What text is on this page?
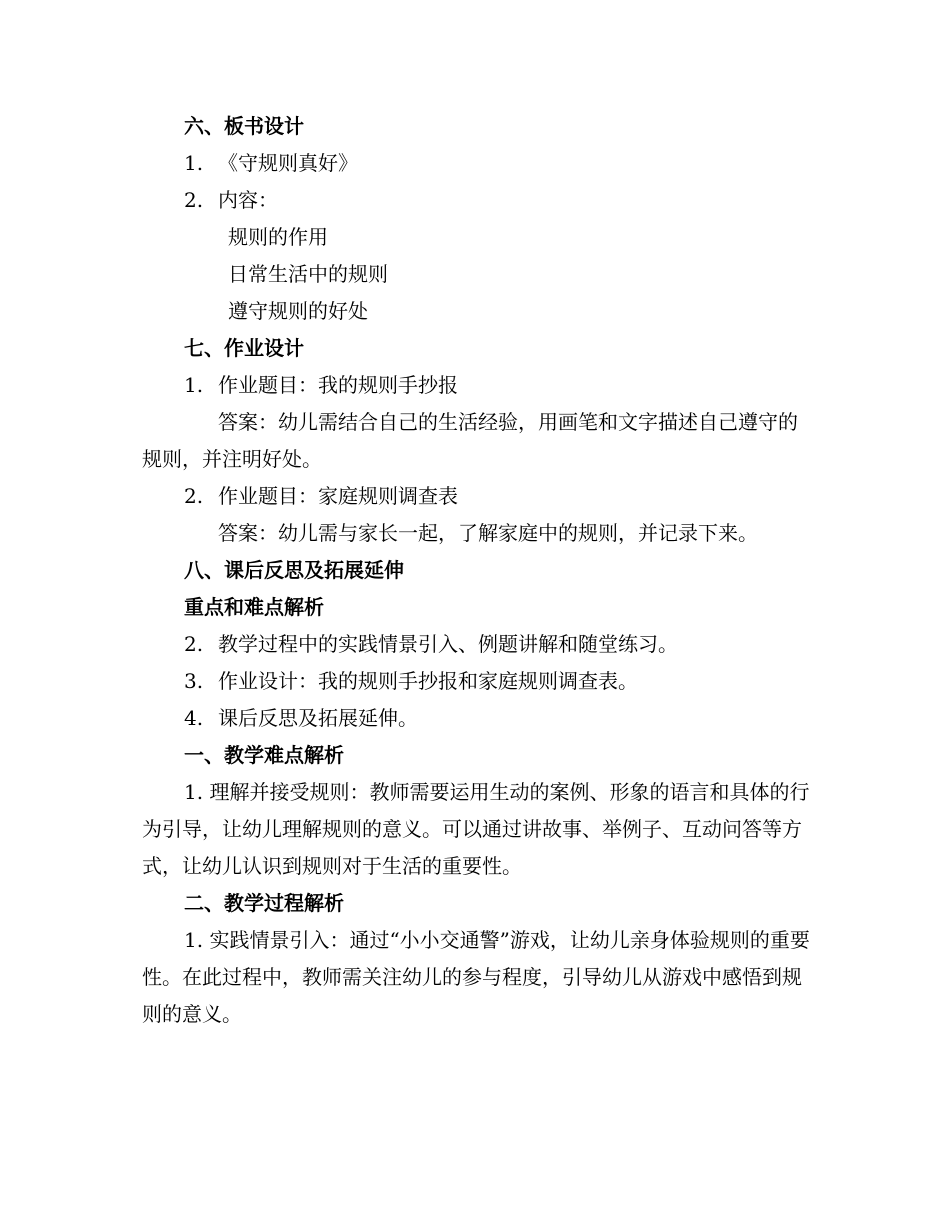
六、板书设计
1. 《守规则真好》
2. 内容：
规则的作用
日常生活中的规则
遵守规则的好处
七、作业设计
1. 作业题目：我的规则手抄报
答案：幼儿需结合自己的生活经验，用画笔和文字描述自己遵守的规则，并注明好处。
2. 作业题目：家庭规则调查表
答案：幼儿需与家长一起，了解家庭中的规则，并记录下来。
八、课后反思及拓展延伸
重点和难点解析
2. 教学过程中的实践情景引入、例题讲解和随堂练习。
3. 作业设计：我的规则手抄报和家庭规则调查表。
4. 课后反思及拓展延伸。
一、教学难点解析
1. 理解并接受规则：教师需要运用生动的案例、形象的语言和具体的行为引导，让幼儿理解规则的意义。可以通过讲故事、举例子、互动问答等方式，让幼儿认识到规则对于生活的重要性。
二、教学过程解析
1. 实践情景引入：通过“小小交通警”游戏，让幼儿亲身体验规则的重要性。在此过程中，教师需关注幼儿的参与程度，引导幼儿从游戏中感悟到规则的意义。
